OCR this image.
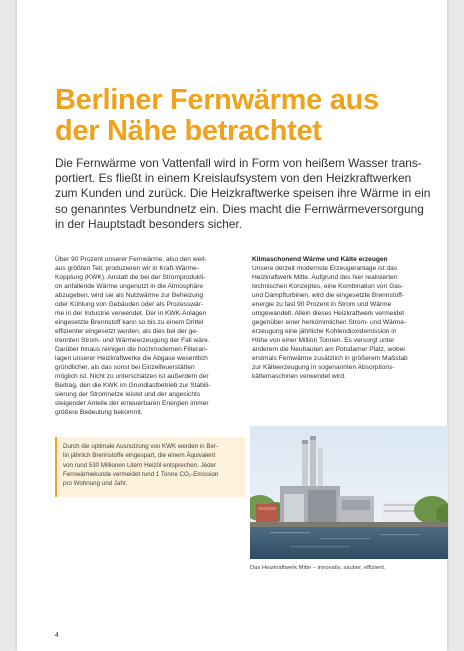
Berliner Fernwärme aus
der Nähe betrachtet

Die Fernwärme von Vattenfall wird in Form von heißem Wasser trans-
portiert. Es fließt in einem Kreislaufsystem von den Heizkraftwerken
zum Kunden und zurück. Die Heizkraftwerke speisen ihre Wärme in ein
so genanntes Verbundnetz ein. Dies macht die Fernwärmeversorgung
in der Hauptstadt besonders sicher.

Über 90 Prozent unserer Fernwärme, also den weit-
aus größten Teil, produzieren wir in Kraft-Wärme-
Kopplung (KWK). Anstatt die bei der Stromprodukti-
on anfallende Wärme ungenutzt in die Atmosphäre
abzugeben, wird sie als Nutzwärme zur Beheizung
oder Kühlung von Gebäuden oder als Prozesswär-
me in der Industrie verwendet. Der in KWK-Anlagen
eingesetzte Brennstoff kann so bis zu einem Drittel
effizienter eingesetzt werden, als dies bei der ge-
trennten Strom- und Wärmeerzeugung der Fall wäre.
Darüber hinaus reinigen die hochmodernen Filteran-
lagen unserer Heizkraftwerke die Abgase wesentlich
gründlicher, als das sonst bei Einzelfeuerstätten
möglich ist. Nicht zu unterschätzen ist außerdem der
Beitrag, den die KWK im Grundlastbetrieb zur Stabili-
sierung der Stromnetze leistet und der angesichts
steigender Anteile der erneuerbaren Energien immer
größere Bedeutung bekommt.
Klimaschonend Wärme und Kälte erzeugen
Unsere derzeit modernste Erzeugeranlage ist das
Heizkraftwerk Mitte. Aufgrund des hier realisierten
technischen Konzeptes, eine Kombination von Gas-
und Dampfturbinen, wird die eingesetzte Brennstoff-
energie zu fast 90 Prozent in Strom und Wärme
umgewandelt. Allein dieses Heizkraftwerk vermeidet
gegenüber einer herkömmlichen Strom- und Wärme-
erzeugung eine jährliche Kohlendioxidemission in
Höhe von einer Million Tonnen. Es versorgt unter
anderem die Neubauten am Potsdamer Platz, wobei
erstmals Fernwärme zusätzlich in größerem Maßstab
zur Kälteerzeugung in sogenannten Absorptions-
kältemaschinen verwendet wird.
Durch die optimale Ausnutzung von KWK werden in Ber-
lin jährlich Brennstoffe eingespart, die einem Äquivalent
von rund 530 Millionen Litern Heizöl entsprechen. Jeder
Fernwärmekunde vermeidet rund 1 Tonne CO₂-Emission
pro Wohnung und Jahr.
Das Heizkraftwerk Mitte – innovativ, sauber, effizient.
4
